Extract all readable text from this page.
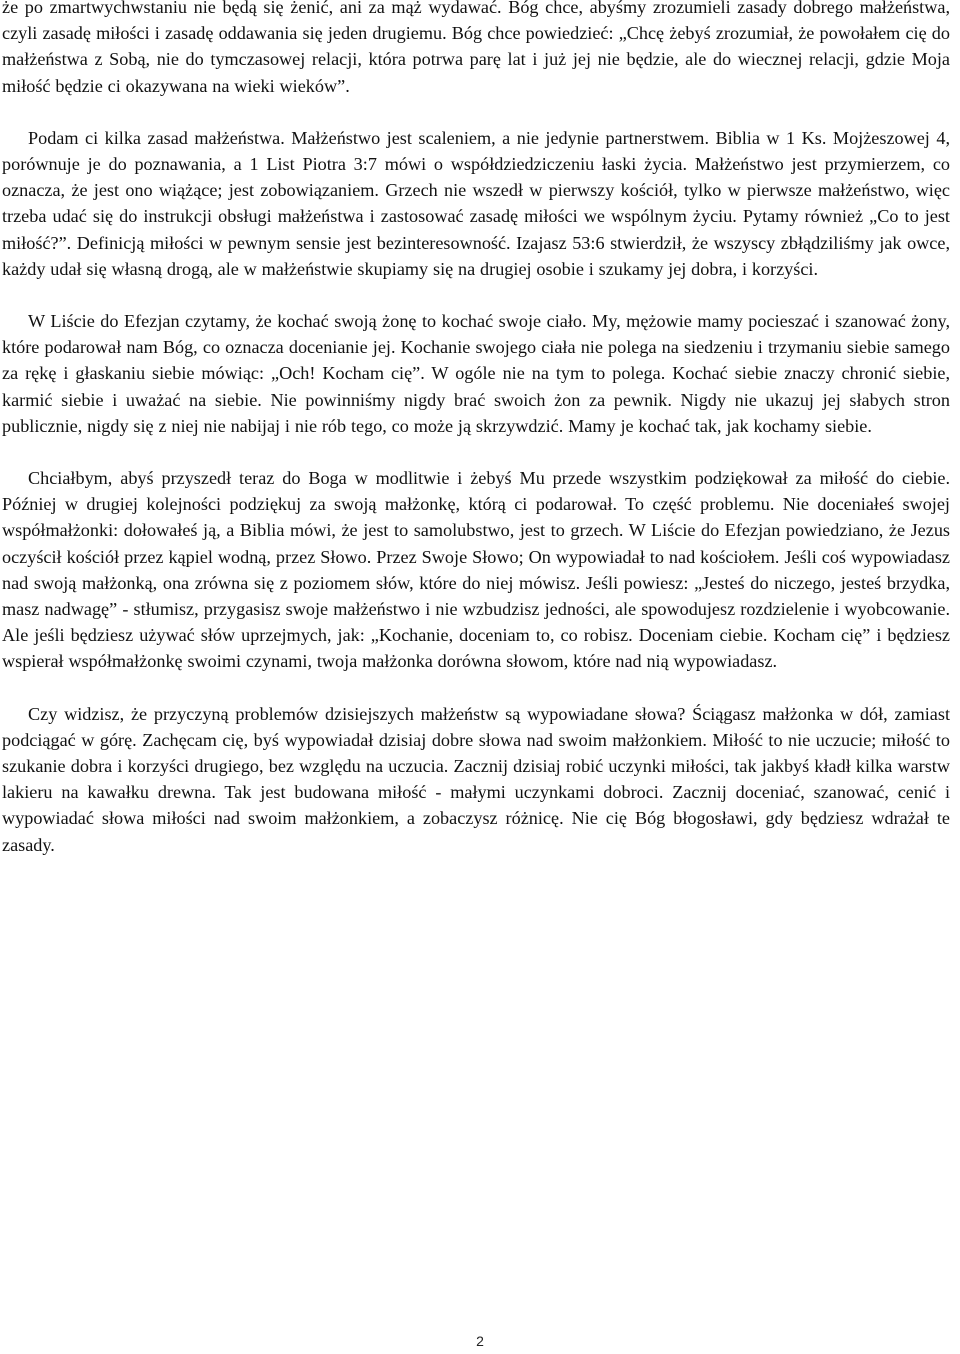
że po zmartwychwstaniu nie będą się żenić, ani za mąż wydawać. Bóg chce, abyśmy zrozumieli zasady dobrego małżeństwa, czyli zasadę miłości i zasadę oddawania się jeden drugiemu. Bóg chce powiedzieć: „Chcę żebyś zrozumiał, że powołałem cię do małżeństwa z Sobą, nie do tymczasowej relacji, która potrwa parę lat i już jej nie będzie, ale do wiecznej relacji, gdzie Moja miłość będzie ci okazywana na wieki wieków”.

Podam ci kilka zasad małżeństwa. Małżeństwo jest scaleniem, a nie jedynie partnerstwem. Biblia w 1 Ks. Mojżeszowej 4, porównuje je do poznawania, a 1 List Piotra 3:7 mówi o współdziedziczeniu łaski życia. Małżeństwo jest przymierzem, co oznacza, że jest ono wiążące; jest zobowiązaniem. Grzech nie wszedł w pierwszy kościół, tylko w pierwsze małżeństwo, więc trzeba udać się do instrukcji obsługi małżeństwa i zastosować zasadę miłości we wspólnym życiu. Pytamy również „Co to jest miłość?”. Definicją miłości w pewnym sensie jest bezinteresowność. Izajasz 53:6 stwierdził, że wszyscy zbłądziliśmy jak owce, każdy udał się własną drogą, ale w małżeństwie skupiamy się na drugiej osobie i szukamy jej dobra, i korzyści.

W Liście do Efezjan czytamy, że kochać swoją żonę to kochać swoje ciało. My, mężowie mamy pocieszać i szanować żony, które podarował nam Bóg, co oznacza docenianie jej. Kochanie swojego ciała nie polega na siedzeniu i trzymaniu siebie samego za rękę i głaskaniu siebie mówiąc: „Och! Kocham cię”. W ogóle nie na tym to polega. Kochać siebie znaczy chronić siebie, karmić siebie i uważać na siebie. Nie powinniśmy nigdy brać swoich żon za pewnik. Nigdy nie ukazuj jej słabych stron publicznie, nigdy się z niej nie nabijaj i nie rób tego, co może ją skrzywdzić. Mamy je kochać tak, jak kochamy siebie.

Chciałbym, abyś przyszedł teraz do Boga w modlitwie i żebyś Mu przede wszystkim podziękował za miłość do ciebie. Później w drugiej kolejności podziękuj za swoją małżonkę, którą ci podarował. To część problemu. Nie doceniałeś swojej współmałżonki: dołowałeś ją, a Biblia mówi, że jest to samolubstwo, jest to grzech. W Liście do Efezjan powiedziano, że Jezus oczyścił kościół przez kąpiel wodną, przez Słowo. Przez Swoje Słowo; On wypowiadał to nad kościołem. Jeśli coś wypowiadasz nad swoją małżonką, ona zrówna się z poziomem słów, które do niej mówisz. Jeśli powiesz: „Jesteś do niczego, jesteś brzydka, masz nadwagę” - stłumisz, przygasisz swoje małżeństwo i nie wzbudzisz jedności, ale spowodujesz rozdzielenie i wyobcowanie. Ale jeśli będziesz używać słów uprzejmych, jak: „Kochanie, doceniam to, co robisz. Doceniam ciebie. Kocham cię” i będziesz wspierał współmałżonkę swoimi czynami, twoja małżonka dorówna słowom, które nad nią wypowiadasz.

Czy widzisz, że przyczyną problemów dzisiejszych małżeństw są wypowiadane słowa? Ściągasz małżonka w dół, zamiast podciągać w górę. Zachęcam cię, byś wypowiadał dzisiaj dobre słowa nad swoim małżonkiem. Miłość to nie uczucie; miłość to szukanie dobra i korzyści drugiego, bez względu na uczucia. Zacznij dzisiaj robić uczynki miłości, tak jakbyś kładł kilka warstw lakieru na kawałku drewna. Tak jest budowana miłość - małymi uczynkami dobroci. Zacznij doceniać, szanować, cenić i wypowiadać słowa miłości nad swoim małżonkiem, a zobaczysz różnicę. Nie cię Bóg błogosławi, gdy będziesz wdrażał te zasady.

2
